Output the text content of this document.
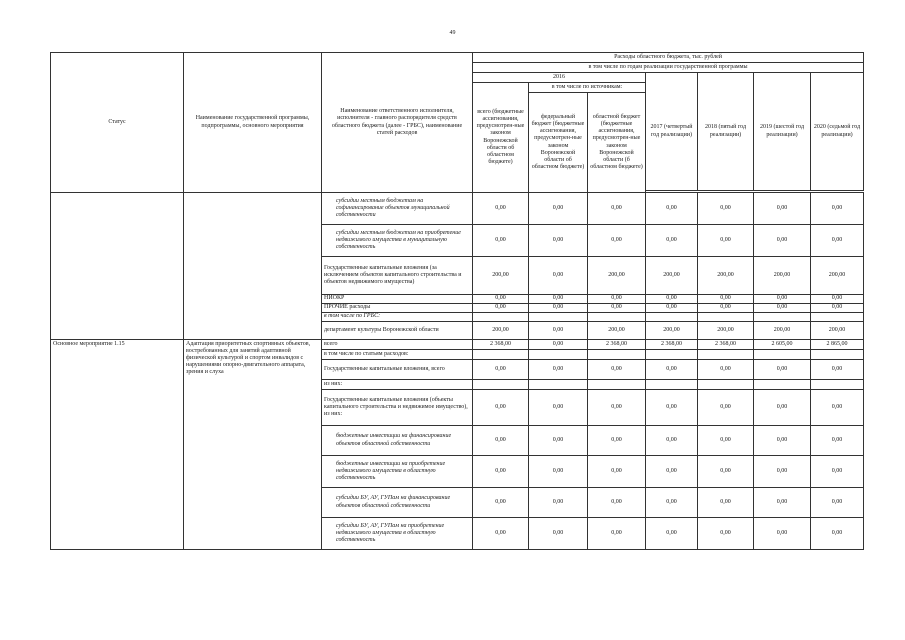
49
Статус	Наименование государственной программы, подпрограммы, основного мероприятия	Наименование ответственного исполнителя, исполнителя - главного распорядителя средств областного бюджета (далее - ГРБС), наименование статей расходов	Расходы областного бюджета, тыс. рублей						
			в том числе по годам реализации государственной программы						
			2016			2017 (четвертый год реализации)	2018 (пятый год реализации)	2019 (шестой год реализации)	2020 (седьмой год реализации)
			всего (бюджетные ассигнования, предусмотрен-ные законом Воронежской области об областном бюджете)	в том числе по источникам:					
				федеральный бюджет (бюджетные ассигнования, предусмотрен-ные законом Воронежской области об областном бюджете)	областной бюджет (бюджетные ассигнования, предусмотрен-ные законом Воронежской области (б областном бюджете)				

		субсидии местным бюджетам на софинансирование объектов муниципальной собственности	0,00	0,00	0,00	0,00	0,00	0,00	0,00
		субсидии местным бюджетам на приобретение недвижимого имущества в муниципальную собственность	0,00	0,00	0,00	0,00	0,00	0,00	0,00
		Государственные капитальные вложения (за исключением объектов капитального строительства и объектов недвижимого имущества)	200,00	0,00	200,00	200,00	200,00	200,00	200,00
		НИОКР	0,00	0,00	0,00	0,00	0,00	0,00	0,00
		ПРОЧИЕ расходы	0,00	0,00	0,00	0,00	0,00	0,00	0,00
		в том числе по ГРБС:							
		департамент культуры Воронежской области	200,00	0,00	200,00	200,00	200,00	200,00	200,00
Основное мероприятие 1.15	Адаптация приоритетных спортивных объектов, востребованных для занятий адаптивной физической культурой и спортом инвалидов с нарушениями опорно-двигательного аппарата, зрения и слуха	всего	2 368,00	0,00	2 368,00	2 368,00	2 368,00	2 605,00	2 865,00
		в том числе по статьям расходов:							
		Государственные капитальные вложения, всего	0,00	0,00	0,00	0,00	0,00	0,00	0,00
		из них:							
		Государственные капитальные вложения (объекты капитального строительства и недвижимое имущество), из них:	0,00	0,00	0,00	0,00	0,00	0,00	0,00
		бюджетные инвестиции на финансирование объектов областной собственности	0,00	0,00	0,00	0,00	0,00	0,00	0,00
		бюджетные инвестиции на приобретение недвижимого имущества в областную собственность	0,00	0,00	0,00	0,00	0,00	0,00	0,00
		субсидии БУ, АУ, ГУПам на финансирование объектов областной собственности	0,00	0,00	0,00	0,00	0,00	0,00	0,00
		субсидии БУ, АУ, ГУПам на приобретение недвижимого имущества в областную собственность	0,00	0,00	0,00	0,00	0,00	0,00	0,00
